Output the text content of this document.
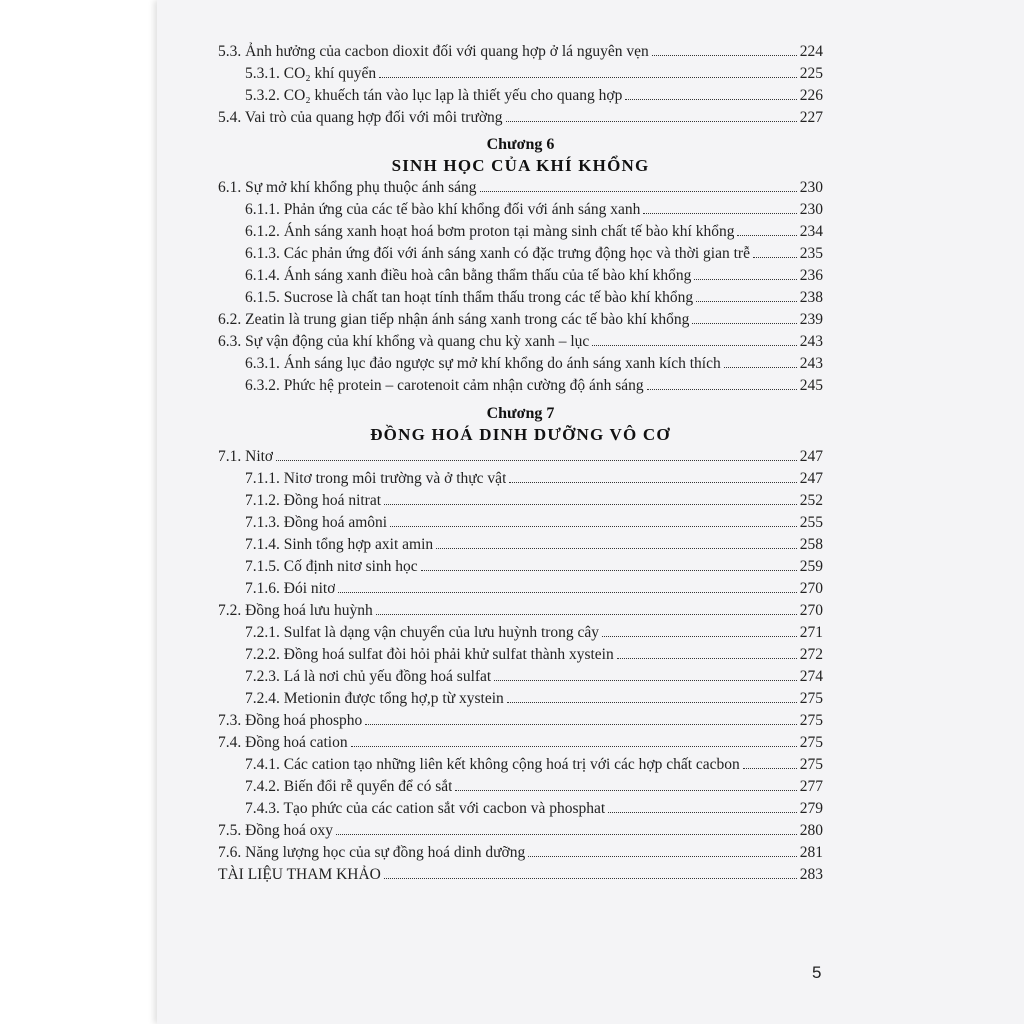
5.3. Ảnh hưởng của cacbon dioxit đối với quang hợp ở lá nguyên vẹn	224
5.3.1. CO₂ khí quyển	225
5.3.2. CO₂ khuếch tán vào lục lạp là thiết yếu cho quang hợp	226
5.4. Vai trò của quang hợp đối với môi trường	227
Chương 6
SINH HỌC CỦA KHÍ KHỔNG
6.1. Sự mở khí khổng phụ thuộc ánh sáng	230
6.1.1. Phản ứng của các tế bào khí khổng đối với ánh sáng xanh	230
6.1.2. Ánh sáng xanh hoạt hoá bơm proton tại màng sinh chất tế bào khí khổng	234
6.1.3. Các phản ứng đối với ánh sáng xanh có đặc trưng động học và thời gian trễ	235
6.1.4. Ánh sáng xanh điều hoà cân bằng thẩm thấu của tế bào khí khổng	236
6.1.5. Sucrose là chất tan hoạt tính thẩm thấu trong các tế bào khí khổng	238
6.2. Zeatin là trung gian tiếp nhận ánh sáng xanh trong các tế bào khí khổng	239
6.3. Sự vận động của khí khổng và quang chu kỳ xanh – lục	243
6.3.1. Ánh sáng lục đảo ngược sự mở khí khổng do ánh sáng xanh kích thích	243
6.3.2. Phức hệ protein – carotenoit cảm nhận cường độ ánh sáng	245
Chương 7
ĐỒNG HOÁ DINH DƯỠNG VÔ CƠ
7.1. Nitơ	247
7.1.1. Nitơ trong môi trường và ở thực vật	247
7.1.2. Đồng hoá nitrat	252
7.1.3. Đồng hoá amôni	255
7.1.4. Sinh tổng hợp axit amin	258
7.1.5. Cố định nitơ sinh học	259
7.1.6. Đói nitơ	270
7.2. Đồng hoá lưu huỳnh	270
7.2.1. Sulfat là dạng vận chuyển của lưu huỳnh trong cây	271
7.2.2. Đồng hoá sulfat đòi hỏi phải khử sulfat thành xystein	272
7.2.3. Lá là nơi chủ yếu đồng hoá sulfat	274
7.2.4. Metionin được tổng hợ,p từ xystein	275
7.3. Đồng hoá phospho	275
7.4. Đồng hoá cation	275
7.4.1. Các cation tạo những liên kết không cộng hoá trị với các hợp chất cacbon	275
7.4.2. Biến đổi rễ quyển để có sắt	277
7.4.3. Tạo phức của các cation sắt với cacbon và phosphat	279
7.5. Đồng hoá oxy	280
7.6. Năng lượng học của sự đồng hoá dinh dưỡng	281
TÀI LIỆU THAM KHẢO	283
5
